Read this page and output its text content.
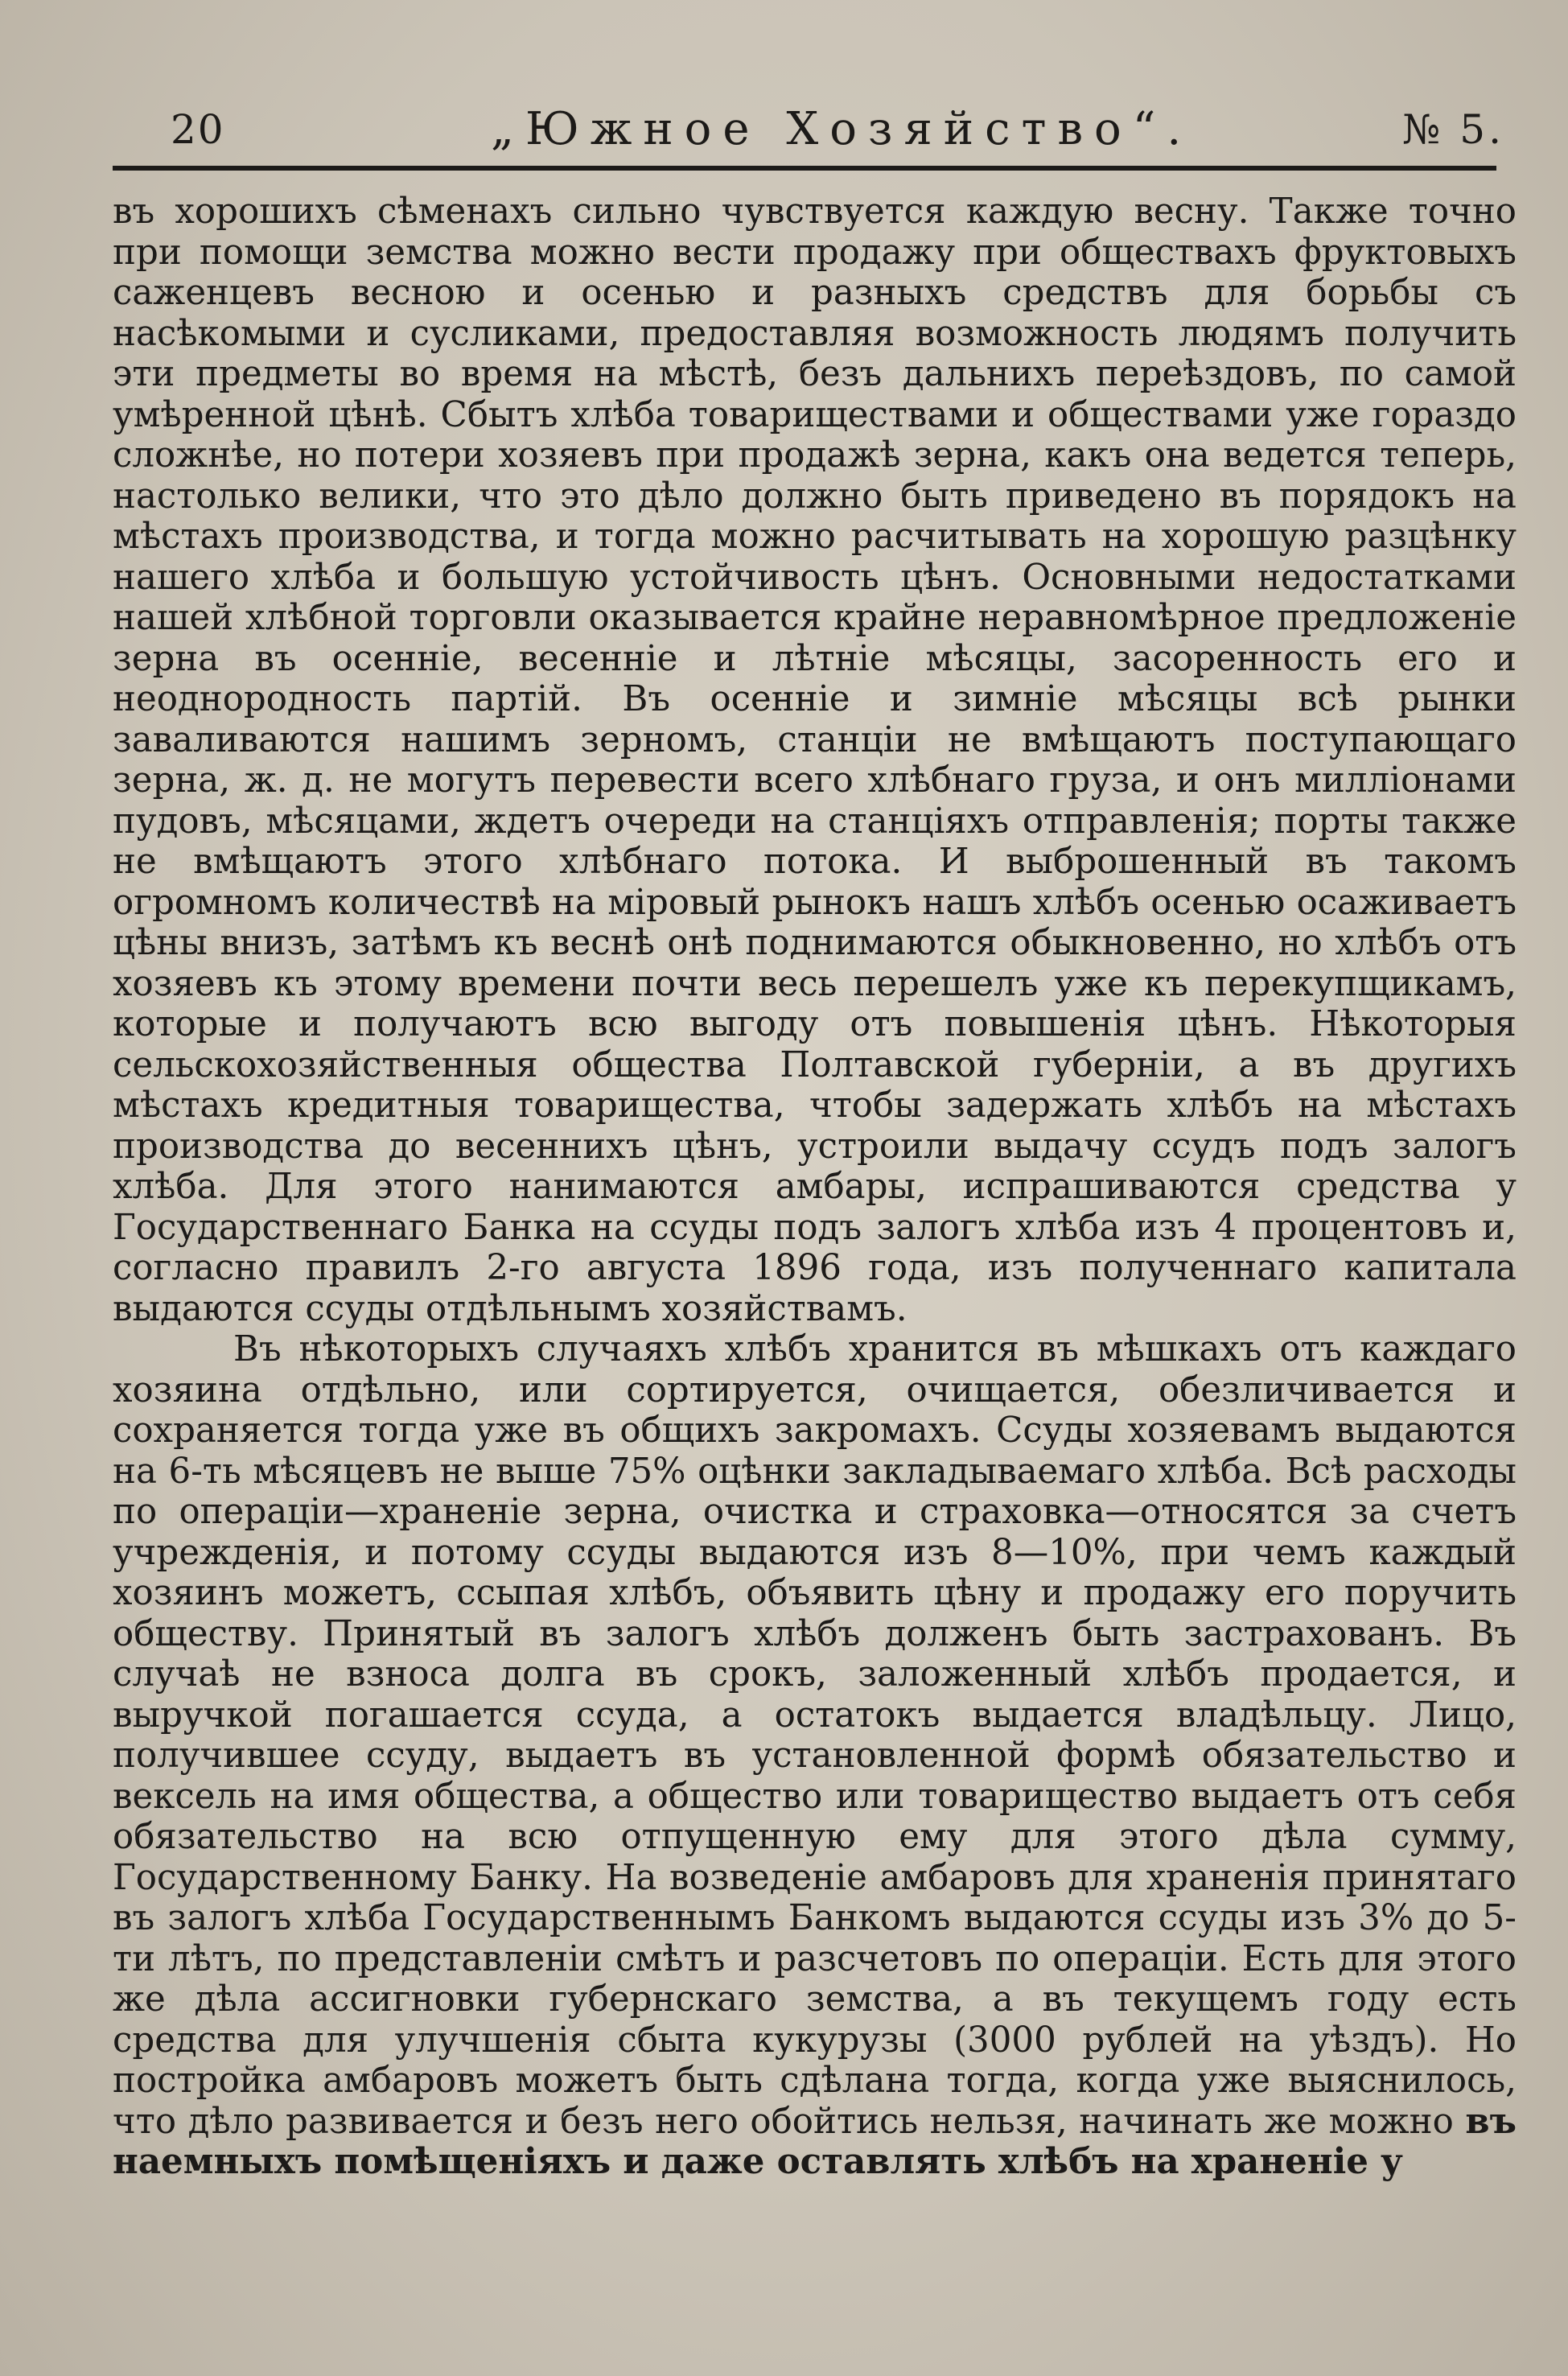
20	„Южное Хозяйство“.	№ 5.

въ хорошихъ сѣменахъ сильно чувствуется каждую весну. Также точно при помощи земства можно вести продажу при обществахъ фруктовыхъ саженцевъ весною и осенью и разныхъ средствъ для борьбы съ насѣкомыми и сусликами, предоставляя возможность людямъ получить эти предметы во время на мѣстѣ, безъ дальнихъ переѣздовъ, по самой умѣренной цѣнѣ. Сбытъ хлѣба товариществами и обществами уже гораздо сложнѣе, но потери хозяевъ при продажѣ зерна, какъ она ведется теперь, настолько велики, что это дѣло должно быть приведено въ порядокъ на мѣстахъ производства, и тогда можно расчитывать на хорошую разцѣнку нашего хлѣба и большую устойчивость цѣнъ. Основными недостатками нашей хлѣбной торговли оказывается крайне неравномѣрное предложеніе зерна въ осенніе, весенніе и лѣтніе мѣсяцы, засоренность его и неоднородность партій. Въ осенніе и зимніе мѣсяцы всѣ рынки заваливаются нашимъ зерномъ, станціи не вмѣщаютъ поступающаго зерна, ж. д. не могутъ перевести всего хлѣбнаго груза, и онъ милліонами пудовъ, мѣсяцами, ждетъ очереди на станціяхъ отправленія; порты также не вмѣщаютъ этого хлѣбнаго потока. И выброшенный въ такомъ огромномъ количествѣ на міровый рынокъ нашъ хлѣбъ осенью осаживаетъ цѣны внизъ, затѣмъ къ веснѣ онѣ поднимаются обыкновенно, но хлѣбъ отъ хозяевъ къ этому времени почти весь перешелъ уже къ перекупщикамъ, которые и получаютъ всю выгоду отъ повышенія цѣнъ. Нѣкоторыя сельскохозяйственныя общества Полтавской губерніи, а въ другихъ мѣстахъ кредитныя товарищества, чтобы задержать хлѣбъ на мѣстахъ производства до весеннихъ цѣнъ, устроили выдачу ссудъ подъ залогъ хлѣба. Для этого нанимаются амбары, испрашиваются средства у Государственнаго Банка на ссуды подъ залогъ хлѣба изъ 4 процентовъ и, согласно правилъ 2-го августа 1896 года, изъ полученнаго капитала выдаются ссуды отдѣльнымъ хозяйствамъ.

Въ нѣкоторыхъ случаяхъ хлѣбъ хранится въ мѣшкахъ отъ каждаго хозяина отдѣльно, или сортируется, очищается, обезличивается и сохраняется тогда уже въ общихъ закромахъ. Ссуды хозяевамъ выдаются на 6-ть мѣсяцевъ не выше 75% оцѣнки закладываемаго хлѣба. Всѣ расходы по операціи—храненіе зерна, очистка и страховка—относятся за счетъ учрежденія, и потому ссуды выдаются изъ 8—10%, при чемъ каждый хозяинъ можетъ, ссыпая хлѣбъ, объявить цѣну и продажу его поручить обществу. Принятый въ залогъ хлѣбъ долженъ быть застрахованъ. Въ случаѣ не взноса долга въ срокъ, заложенный хлѣбъ продается, и выручкой погашается ссуда, а остатокъ выдается владѣльцу. Лицо, получившее ссуду, выдаетъ въ установленной формѣ обязательство и вексель на имя общества, а общество или товарищество выдаетъ отъ себя обязательство на всю отпущенную ему для этого дѣла сумму, Государственному Банку. На возведеніе амбаровъ для храненія принятаго въ залогъ хлѣба Государственнымъ Банкомъ выдаются ссуды изъ 3% до 5-ти лѣтъ, по представленіи смѣтъ и разсчетовъ по операціи. Есть для этого же дѣла ассигновки губернскаго земства, а въ текущемъ году есть средства для улучшенія сбыта кукурузы (3000 рублей на уѣздъ). Но постройка амбаровъ можетъ быть сдѣлана тогда, когда уже выяснилось, что дѣло развивается и безъ него обойтись нельзя, начинать же можно въ наемныхъ помѣщеніяхъ и даже оставлять хлѣбъ на храненіе у
